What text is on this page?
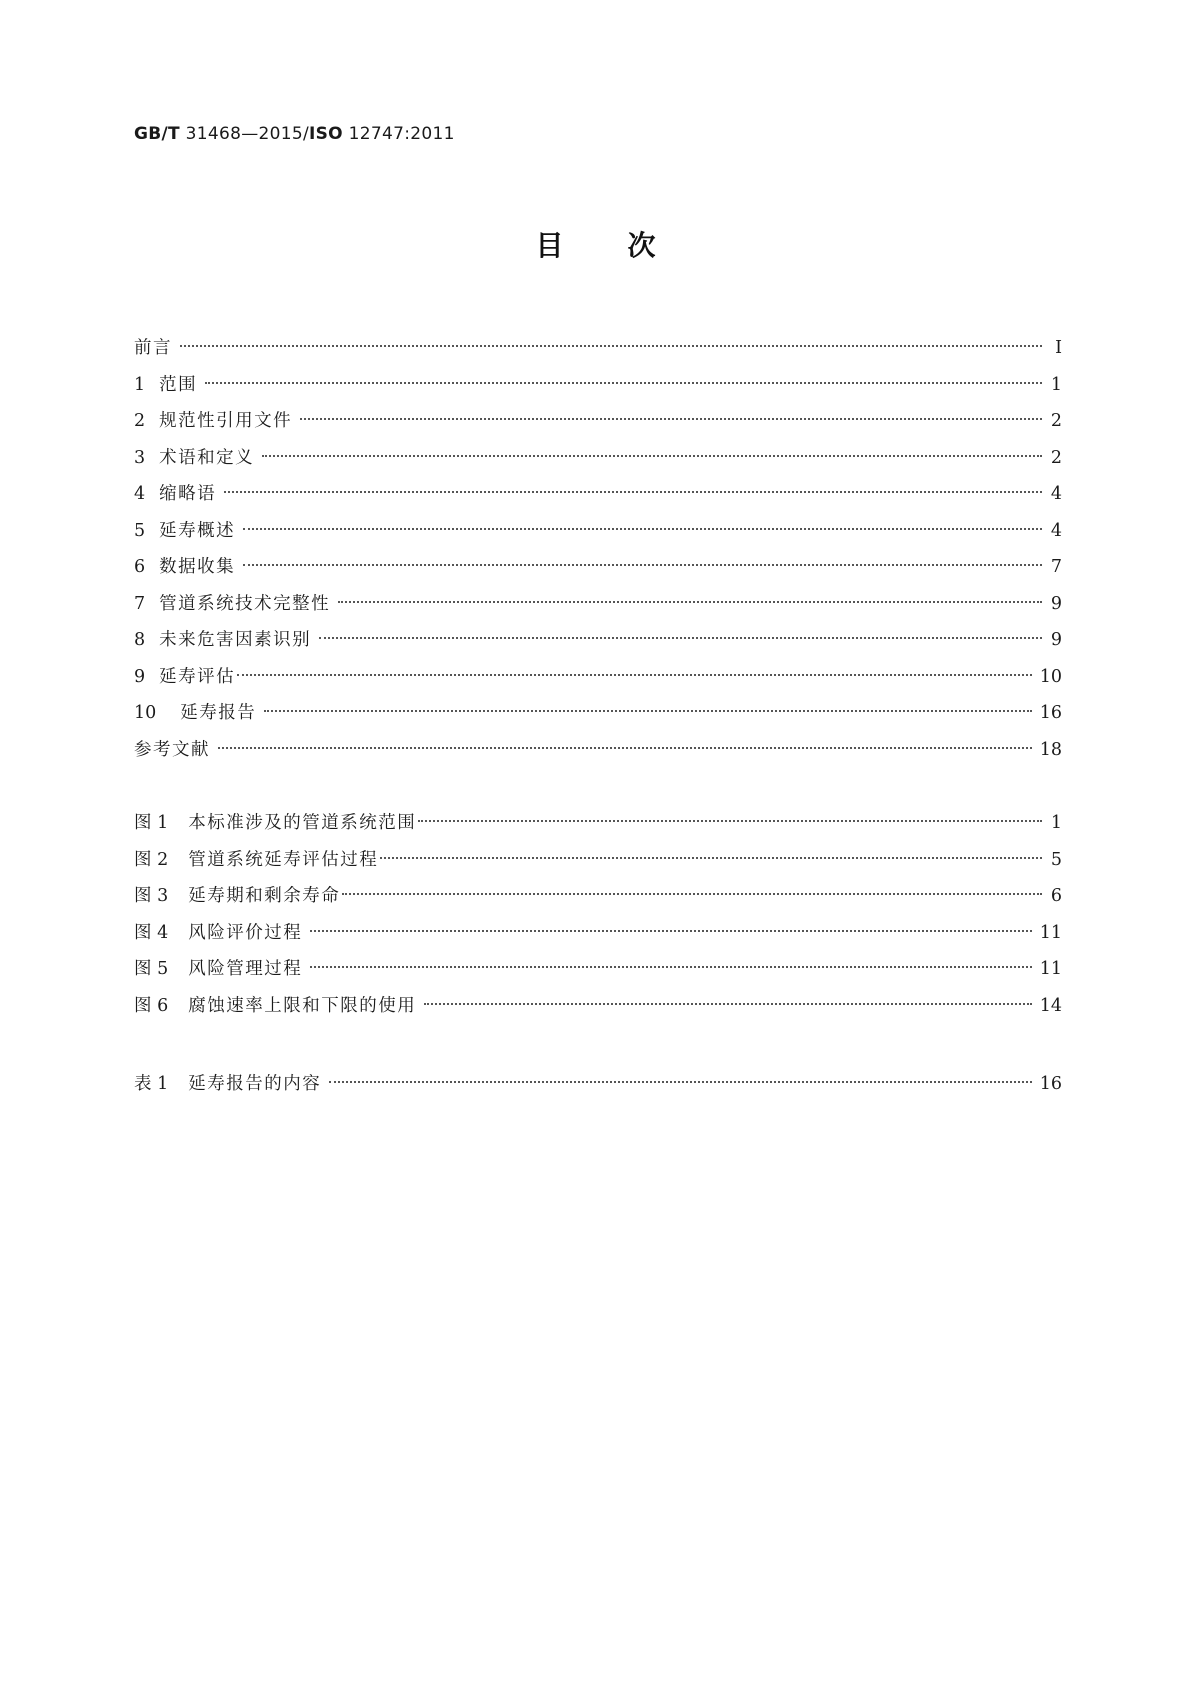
GB/T 31468—2015/ISO 12747:2011
目次
前言	Ⅰ
1 范围	1
2 规范性引用文件	2
3 术语和定义	2
4 缩略语	4
5 延寿概述	4
6 数据收集	7
7 管道系统技术完整性	9
8 未来危害因素识别	9
9 延寿评估	10
10 延寿报告	16
参考文献	18
图 1 本标准涉及的管道系统范围	1
图 2 管道系统延寿评估过程	5
图 3 延寿期和剩余寿命	6
图 4 风险评价过程	11
图 5 风险管理过程	11
图 6 腐蚀速率上限和下限的使用	14
表 1 延寿报告的内容	16
